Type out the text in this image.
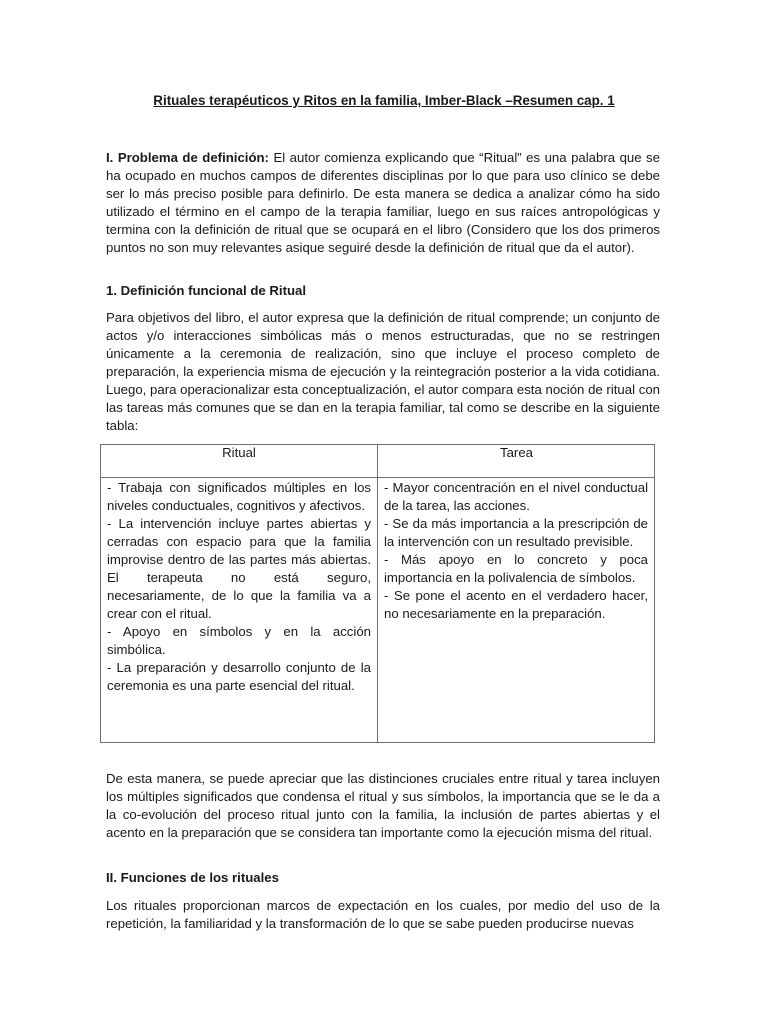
Rituales terapéuticos y Ritos en la familia, Imber-Black –Resumen cap. 1

I. Problema de definición: El autor comienza explicando que “Ritual” es una palabra que se ha ocupado en muchos campos de diferentes disciplinas por lo que para uso clínico se debe ser lo más preciso posible para definirlo. De esta manera se dedica a analizar cómo ha sido utilizado el término en el campo de la terapia familiar, luego en sus raíces antropológicas y termina con la definición de ritual que se ocupará en el libro (Considero que los dos primeros puntos no son muy relevantes asique seguiré desde la definición de ritual que da el autor).

1. Definición funcional de Ritual

Para objetivos del libro, el autor expresa que la definición de ritual comprende; un conjunto de actos y/o interacciones simbólicas más o menos estructuradas, que no se restringen únicamente a la ceremonia de realización, sino que incluye el proceso completo de preparación, la experiencia misma de ejecución y la reintegración posterior a la vida cotidiana. Luego, para operacionalizar esta conceptualización, el autor compara esta noción de ritual con las tareas más comunes que se dan en la terapia familiar, tal como se describe en la siguiente tabla:

Ritual	Tarea

- Trabaja con significados múltiples en los niveles conductuales, cognitivos y afectivos.

- La intervención incluye partes abiertas y cerradas con espacio para que la familia improvise dentro de las partes más abiertas. El terapeuta no está seguro, necesariamente, de lo que la familia va a crear con el ritual.

- Apoyo en símbolos y en la acción simbólica.

- La preparación y desarrollo conjunto de la ceremonia es una parte esencial del ritual.

- Mayor concentración en el nivel conductual de la tarea, las acciones.

- Se da más importancia a la prescripción de la intervención con un resultado previsible.

- Más apoyo en lo concreto y poca importancia en la polivalencia de símbolos.

- Se pone el acento en el verdadero hacer, no necesariamente en la preparación.

De esta manera, se puede apreciar que las distinciones cruciales entre ritual y tarea incluyen los múltiples significados que condensa el ritual y sus símbolos, la importancia que se le da a la co-evolución del proceso ritual junto con la familia, la inclusión de partes abiertas y el acento en la preparación que se considera tan importante como la ejecución misma del ritual.

II. Funciones de los rituales

Los rituales proporcionan marcos de expectación en los cuales, por medio del uso de la repetición, la familiaridad y la transformación de lo que se sabe pueden producirse nuevas
